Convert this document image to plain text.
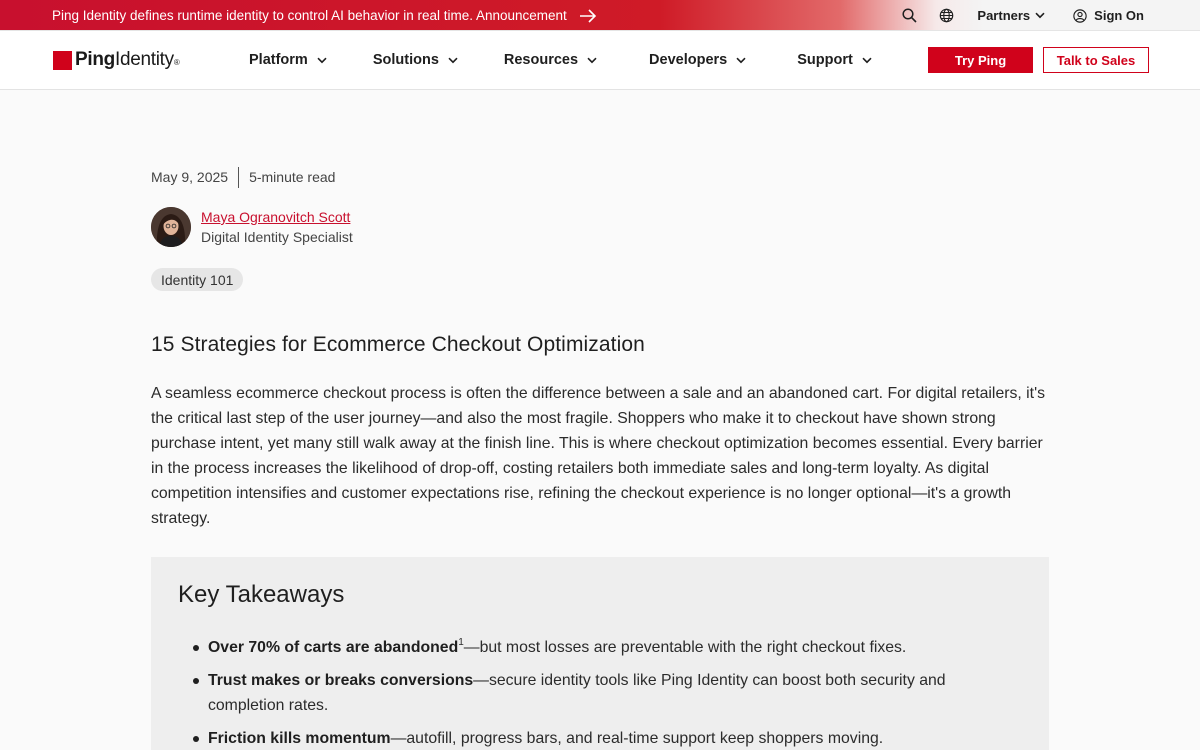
Ping Identity defines runtime identity to control AI behavior in real time. Announcement	Partners	Sign On
PingIdentity®	Platform	Solutions	Resources	Developers	Support	Try Ping	Talk to Sales
May 9, 2025 5-minute read
Maya Ogranovitch Scott
Digital Identity Specialist
Identity 101
15 Strategies for Ecommerce Checkout Optimization

A seamless ecommerce checkout process is often the difference between a sale and an abandoned cart. For digital retailers, it's the critical last step of the user journey—and also the most fragile. Shoppers who make it to checkout have shown strong purchase intent, yet many still walk away at the finish line. This is where checkout optimization becomes essential. Every barrier in the process increases the likelihood of drop-off, costing retailers both immediate sales and long-term loyalty. As digital competition intensifies and customer expectations rise, refining the checkout experience is no longer optional—it's a growth strategy.

Key Takeaways
Over 70% of carts are abandoned$^1$—but most losses are preventable with the right checkout fixes.
Trust makes or breaks conversions—secure identity tools like Ping Identity can boost both security and completion rates.
Friction kills momentum—autofill, progress bars, and real-time support keep shoppers moving.
